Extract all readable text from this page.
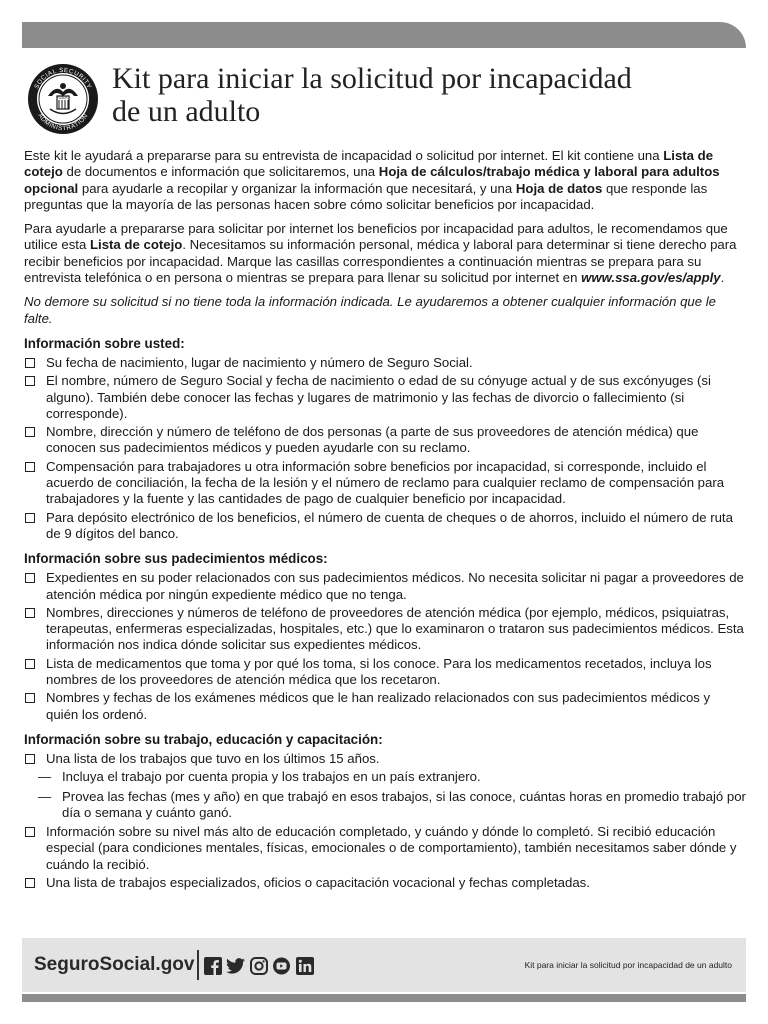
USA
SOCIAL SECURITY
ADMINISTRATION
Kit para iniciar la solicitud por incapacidad
de un adulto

Este kit le ayudará a prepararse para su entrevista de incapacidad o solicitud por internet. El kit contiene una Lista de cotejo de documentos e información que solicitaremos, una Hoja de cálculos/trabajo médica y laboral para adultos opcional para ayudarle a recopilar y organizar la información que necesitará, y una Hoja de datos que responde las preguntas que la mayoría de las personas hacen sobre cómo solicitar beneficios por incapacidad.

Para ayudarle a prepararse para solicitar por internet los beneficios por incapacidad para adultos, le recomendamos que utilice esta Lista de cotejo. Necesitamos su información personal, médica y laboral para determinar si tiene derecho para recibir beneficios por incapacidad. Marque las casillas correspondientes a continuación mientras se prepara para su entrevista telefónica o en persona o mientras se prepara para llenar su solicitud por internet en www.ssa.gov/es/apply.

No demore su solicitud si no tiene toda la información indicada. Le ayudaremos a obtener cualquier información que le falte.

Información sobre usted:
Su fecha de nacimiento, lugar de nacimiento y número de Seguro Social.
El nombre, número de Seguro Social y fecha de nacimiento o edad de su cónyuge actual y de sus excónyuges (si alguno). También debe conocer las fechas y lugares de matrimonio y las fechas de divorcio o fallecimiento (si corresponde).
Nombre, dirección y número de teléfono de dos personas (a parte de sus proveedores de atención médica) que conocen sus padecimientos médicos y pueden ayudarle con su reclamo.
Compensación para trabajadores u otra información sobre beneficios por incapacidad, si corresponde, incluido el acuerdo de conciliación, la fecha de la lesión y el número de reclamo para cualquier reclamo de compensación para trabajadores y la fuente y las cantidades de pago de cualquier beneficio por incapacidad.
Para depósito electrónico de los beneficios, el número de cuenta de cheques o de ahorros, incluido el número de ruta de 9 dígitos del banco.
Información sobre sus padecimientos médicos:
Expedientes en su poder relacionados con sus padecimientos médicos. No necesita solicitar ni pagar a proveedores de atención médica por ningún expediente médico que no tenga.
Nombres, direcciones y números de teléfono de proveedores de atención médica (por ejemplo, médicos, psiquiatras, terapeutas, enfermeras especializadas, hospitales, etc.) que lo examinaron o trataron sus padecimientos médicos. Esta información nos indica dónde solicitar sus expedientes médicos.
Lista de medicamentos que toma y por qué los toma, si los conoce. Para los medicamentos recetados, incluya los nombres de los proveedores de atención médica que los recetaron.
Nombres y fechas de los exámenes médicos que le han realizado relacionados con sus padecimientos médicos y quién los ordenó.
Información sobre su trabajo, educación y capacitación:
Una lista de los trabajos que tuvo en los últimos 15 años.
— Incluya el trabajo por cuenta propia y los trabajos en un país extranjero.
— Provea las fechas (mes y año) en que trabajó en esos trabajos, si las conoce, cuántas horas en promedio trabajó por día o semana y cuánto ganó.
Información sobre su nivel más alto de educación completado, y cuándo y dónde lo completó. Si recibió educación especial (para condiciones mentales, físicas, emocionales o de comportamiento), también necesitamos saber dónde y cuándo la recibió.
Una lista de trabajos especializados, oficios o capacitación vocacional y fechas completadas.
SeguroSocial.gov	Kit para iniciar la solicitud por incapacidad de un adulto
